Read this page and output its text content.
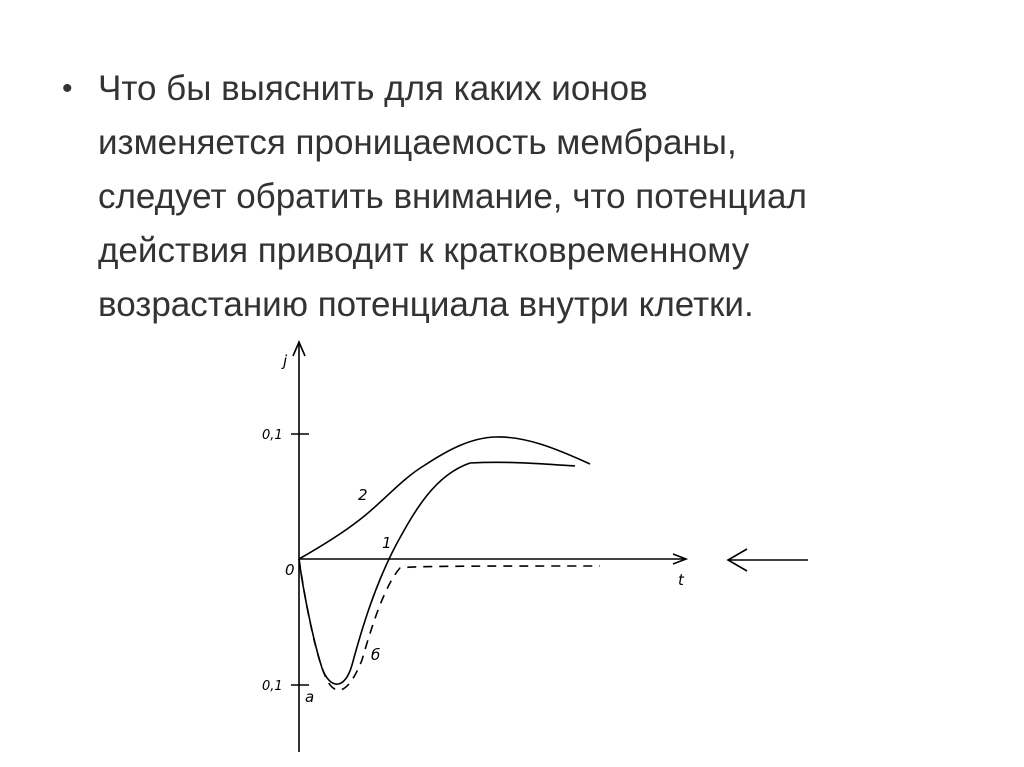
• Что бы выяснить для каких ионов
изменяется проницаемость мембраны,
следует обратить внимание, что потенциал
действия приводит к кратковременному
возрастанию потенциала внутри клетки.

j
t
0,1
0,1
0
1
2
а
б
